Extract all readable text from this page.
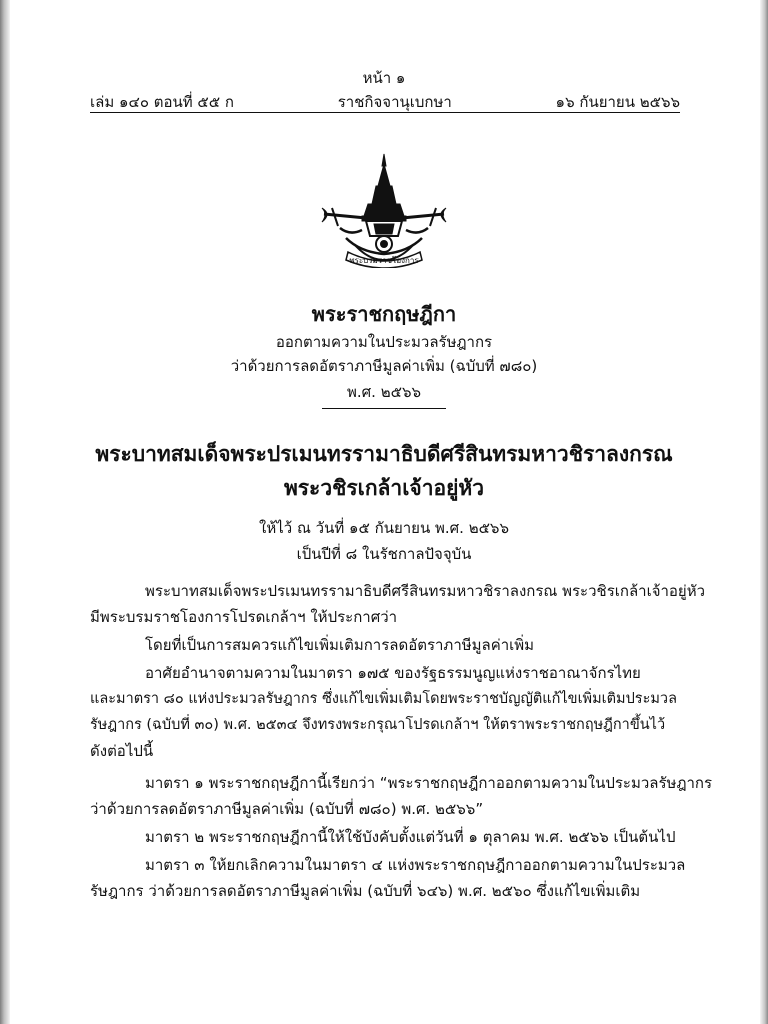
หน้า ๑
เล่ม ๑๔๐ ตอนที่ ๕๕ ก	ราชกิจจานุเบกษา	๑๖ กันยายน ๒๕๖๖
พระบรมราชโองการ
พระราชกฤษฎีกา
ออกตามความในประมวลรัษฎากร
ว่าด้วยการลดอัตราภาษีมูลค่าเพิ่ม (ฉบับที่ ๗๘๐)
พ.ศ. ๒๕๖๖
พระบาทสมเด็จพระปรเมนทรรามาธิบดีศรีสินทรมหาวชิราลงกรณ
พระวชิรเกล้าเจ้าอยู่หัว
ให้ไว้ ณ วันที่ ๑๕ กันยายน พ.ศ. ๒๕๖๖
เป็นปีที่ ๘ ในรัชกาลปัจจุบัน
พระบาทสมเด็จพระปรเมนทรรามาธิบดีศรีสินทรมหาวชิราลงกรณ พระวชิรเกล้าเจ้าอยู่หัว
มีพระบรมราชโองการโปรดเกล้าฯ ให้ประกาศว่า
โดยที่เป็นการสมควรแก้ไขเพิ่มเติมการลดอัตราภาษีมูลค่าเพิ่ม
อาศัยอำนาจตามความในมาตรา ๑๗๕ ของรัฐธรรมนูญแห่งราชอาณาจักรไทย
และมาตรา ๘๐ แห่งประมวลรัษฎากร ซึ่งแก้ไขเพิ่มเติมโดยพระราชบัญญัติแก้ไขเพิ่มเติมประมวล
รัษฎากร (ฉบับที่ ๓๐) พ.ศ. ๒๕๓๔ จึงทรงพระกรุณาโปรดเกล้าฯ ให้ตราพระราชกฤษฎีกาขึ้นไว้
ดังต่อไปนี้
มาตรา ๑ พระราชกฤษฎีกานี้เรียกว่า “พระราชกฤษฎีกาออกตามความในประมวลรัษฎากร
ว่าด้วยการลดอัตราภาษีมูลค่าเพิ่ม (ฉบับที่ ๗๘๐) พ.ศ. ๒๕๖๖”
มาตรา ๒ พระราชกฤษฎีกานี้ให้ใช้บังคับตั้งแต่วันที่ ๑ ตุลาคม พ.ศ. ๒๕๖๖ เป็นต้นไป
มาตรา ๓ ให้ยกเลิกความในมาตรา ๔ แห่งพระราชกฤษฎีกาออกตามความในประมวล
รัษฎากร ว่าด้วยการลดอัตราภาษีมูลค่าเพิ่ม (ฉบับที่ ๖๔๖) พ.ศ. ๒๕๖๐ ซึ่งแก้ไขเพิ่มเติม
